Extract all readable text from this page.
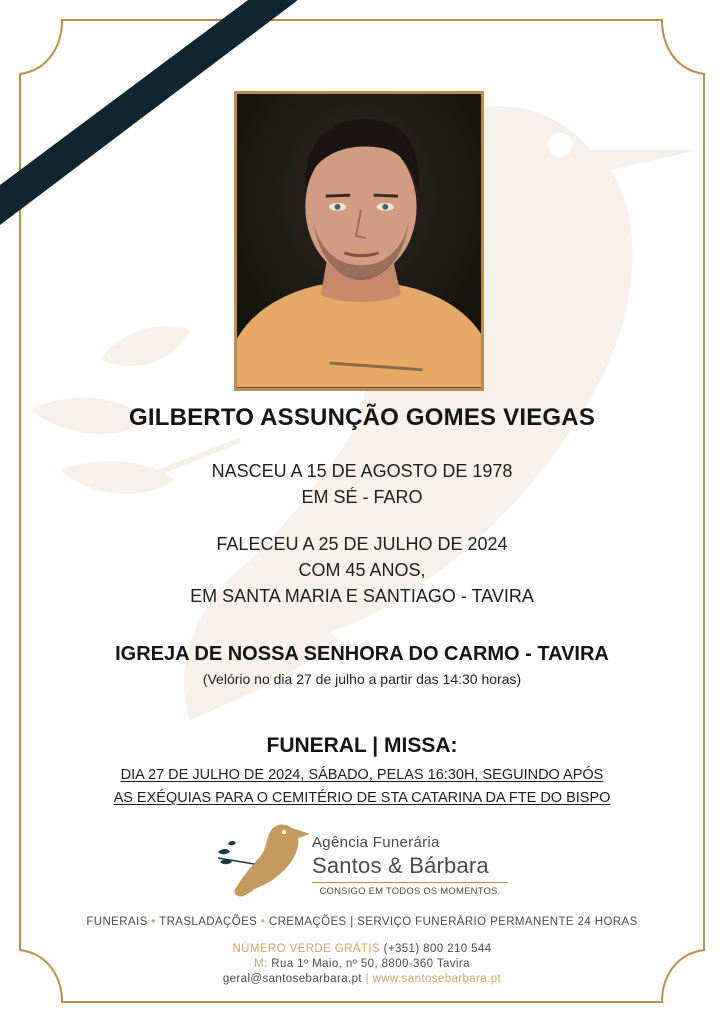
GILBERTO ASSUNÇÃO GOMES VIEGAS
NASCEU A 15 DE AGOSTO DE 1978
EM SÉ - FARO
FALECEU A 25 DE JULHO DE 2024
COM 45 ANOS,
EM SANTA MARIA E SANTIAGO - TAVIRA
IGREJA DE NOSSA SENHORA DO CARMO - TAVIRA
(Velório no dia 27 de julho a partir das 14:30 horas)
FUNERAL | MISSA:
DIA 27 DE JULHO DE 2024, SÁBADO, PELAS 16:30H, SEGUINDO APÓS
AS EXÉQUIAS PARA O CEMITÉRIO DE STA CATARINA DA FTE DO BISPO
Agência Funerária
Santos & Bárbara
CONSIGO EM TODOS OS MOMENTOS.
FUNERAIS • TRASLADAÇÕES • CREMAÇÕES | SERVIÇO FUNERÁRIO PERMANENTE 24 HORAS
NÚMERO VERDE GRÁTIS (+351) 800 210 544
M: Rua 1º Maio, nº 50, 8800-360 Tavira
geral@santosebarbara.pt | www.santosebarbara.pt
